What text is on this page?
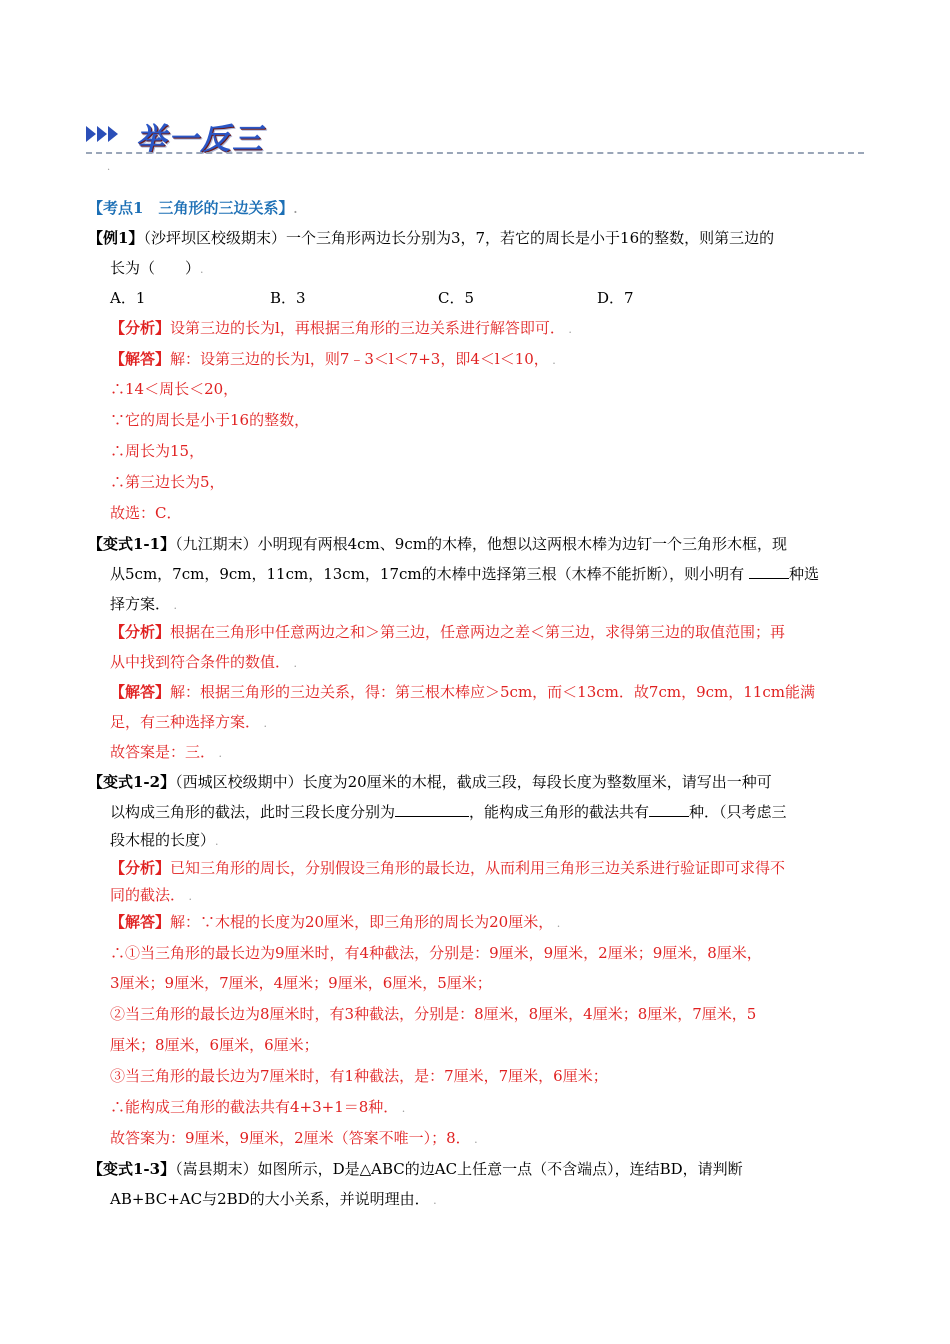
举一反三
.
【考点1　三角形的三边关系】.
【例1】（沙坪坝区校级期末）一个三角形两边长分别为3，7，若它的周长是小于16的整数，则第三边的
长为（　　）.
A．1	B．3	C．5	D．7
【分析】设第三边的长为l，再根据三角形的三边关系进行解答即可． .
【解答】解：设第三边的长为l，则7﹣3＜l＜7+3，即4＜l＜10， .
∴14＜周长＜20，
∵它的周长是小于16的整数，
∴周长为15，
∴第三边长为5，
故选：C．
【变式1-1】（九江期末）小明现有两根4cm、9cm的木棒，他想以这两根木棒为边钉一个三角形木框，现
从5cm，7cm，9cm，11cm，13cm，17cm的木棒中选择第三根（木棒不能折断），则小明有	种选
择方案． .
【分析】根据在三角形中任意两边之和＞第三边，任意两边之差＜第三边，求得第三边的取值范围；再
从中找到符合条件的数值． .
【解答】解：根据三角形的三边关系，得：第三根木棒应＞5cm，而＜13cm．故7cm，9cm，11cm能满
足，有三种选择方案． .
故答案是：三． .
【变式1-2】（西城区校级期中）长度为20厘米的木棍，截成三段，每段长度为整数厘米，请写出一种可
以构成三角形的截法，此时三段长度分别为	，能构成三角形的截法共有	种．（只考虑三
段木棍的长度）.
【分析】已知三角形的周长，分别假设三角形的最长边，从而利用三角形三边关系进行验证即可求得不
同的截法． .
【解答】解：∵木棍的长度为20厘米，即三角形的周长为20厘米， .
∴①当三角形的最长边为9厘米时，有4种截法，分别是：9厘米，9厘米，2厘米；9厘米，8厘米，
3厘米；9厘米，7厘米，4厘米；9厘米，6厘米，5厘米；
②当三角形的最长边为8厘米时，有3种截法，分别是：8厘米，8厘米，4厘米；8厘米，7厘米，5
厘米；8厘米，6厘米，6厘米；
③当三角形的最长边为7厘米时，有1种截法，是：7厘米，7厘米，6厘米；
∴能构成三角形的截法共有4+3+1＝8种． .
故答案为：9厘米，9厘米，2厘米（答案不唯一）；8． .
【变式1-3】（嵩县期末）如图所示，D是△ABC的边AC上任意一点（不含端点），连结BD，请判断
AB+BC+AC与2BD的大小关系，并说明理由． .
